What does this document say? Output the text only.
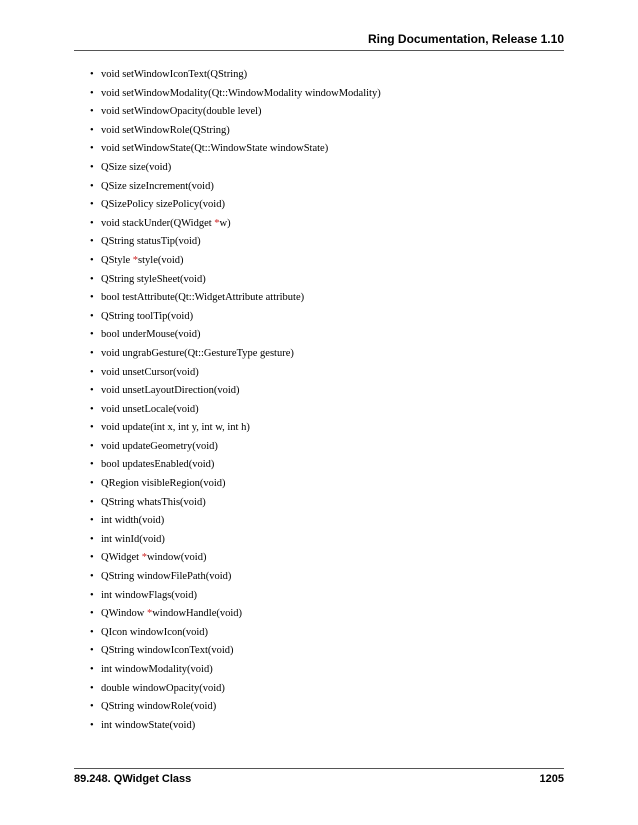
Ring Documentation, Release 1.10
• void setWindowIconText(QString)
• void setWindowModality(Qt::WindowModality windowModality)
• void setWindowOpacity(double level)
• void setWindowRole(QString)
• void setWindowState(Qt::WindowState windowState)
• QSize size(void)
• QSize sizeIncrement(void)
• QSizePolicy sizePolicy(void)
• void stackUnder(QWidget *w)
• QString statusTip(void)
• QStyle *style(void)
• QString styleSheet(void)
• bool testAttribute(Qt::WidgetAttribute attribute)
• QString toolTip(void)
• bool underMouse(void)
• void ungrabGesture(Qt::GestureType gesture)
• void unsetCursor(void)
• void unsetLayoutDirection(void)
• void unsetLocale(void)
• void update(int x, int y, int w, int h)
• void updateGeometry(void)
• bool updatesEnabled(void)
• QRegion visibleRegion(void)
• QString whatsThis(void)
• int width(void)
• int winId(void)
• QWidget *window(void)
• QString windowFilePath(void)
• int windowFlags(void)
• QWindow *windowHandle(void)
• QIcon windowIcon(void)
• QString windowIconText(void)
• int windowModality(void)
• double windowOpacity(void)
• QString windowRole(void)
• int windowState(void)
89.248. QWidget Class	1205
